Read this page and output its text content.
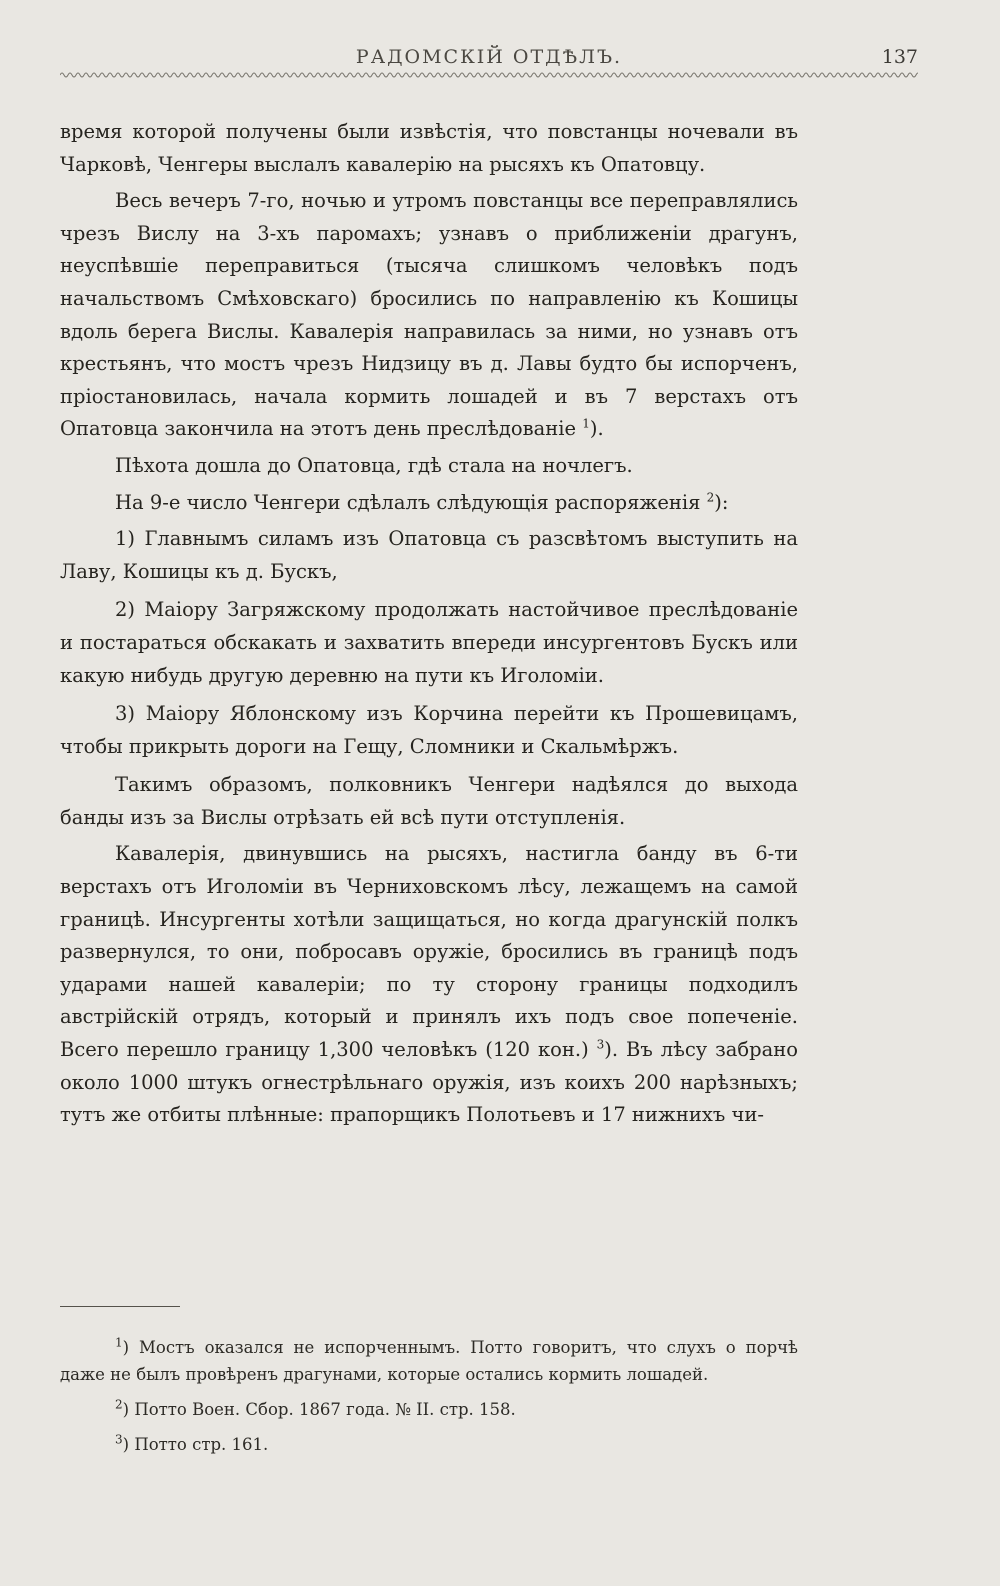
РАДОМСКІЙ ОТДѢЛЪ.	137

время которой получены были извѣстія, что повстанцы ночевали въ Чарковѣ, Ченгеры выслалъ кавалерію на рысяхъ къ Опатовцу.

Весь вечеръ 7-го, ночью и утромъ повстанцы все переправлялись чрезъ Вислу на 3-хъ паромахъ; узнавъ о приближеніи драгунъ, неуспѣвшіе переправиться (тысяча слишкомъ человѣкъ подъ начальствомъ Смѣховскаго) бросились по направленію къ Кошицы вдоль берега Вислы. Кавалерія направилась за ними, но узнавъ отъ крестьянъ, что мостъ чрезъ Нидзицу въ д. Лавы будто бы испорченъ, пріостановилась, начала кормить лошадей и въ 7 верстахъ отъ Опатовца закончила на этотъ день преслѣдованіе $^1$).

Пѣхота дошла до Опатовца, гдѣ стала на ночлегъ.

На 9-е число Ченгери сдѣлалъ слѣдующія распоряженія $^2$):

1) Главнымъ силамъ изъ Опатовца съ разсвѣтомъ выступить на Лаву, Кошицы къ д. Бускъ,

2) Маіору Загряжскому продолжать настойчивое преслѣдованіе и постараться обскакать и захватить впереди инсургентовъ Бускъ или какую нибудь другую деревню на пути къ Иголоміи.

3) Маіору Яблонскому изъ Корчина перейти къ Прошевицамъ, чтобы прикрыть дороги на Гещу, Сломники и Скальмѣржъ.

Такимъ образомъ, полковникъ Ченгери надѣялся до выхода банды изъ за Вислы отрѣзать ей всѣ пути отступленія.

Кавалерія, двинувшись на рысяхъ, настигла банду въ 6-ти верстахъ отъ Иголоміи въ Черниховскомъ лѣсу, лежащемъ на самой границѣ. Инсургенты хотѣли защищаться, но когда драгунскій полкъ развернулся, то они, побросавъ оружіе, бросились въ границѣ подъ ударами нашей кавалеріи; по ту сторону границы подходилъ австрійскій отрядъ, который и принялъ ихъ подъ свое попеченіе. Всего перешло границу 1,300 человѣкъ (120 кон.) $^3$). Въ лѣсу забрано около 1000 штукъ огнестрѣльнаго оружія, изъ коихъ 200 нарѣзныхъ; тутъ же отбиты плѣнные: прапорщикъ Полотьевъ и 17 нижнихъ чи-

$^1$) Мостъ оказался не испорченнымъ. Потто говоритъ, что слухъ о порчѣ даже не былъ провѣренъ драгунами, которые остались кормить лошадей.

$^2$) Потто Воен. Сбор. 1867 года. № II. стр. 158.

$^3$) Потто стр. 161.
